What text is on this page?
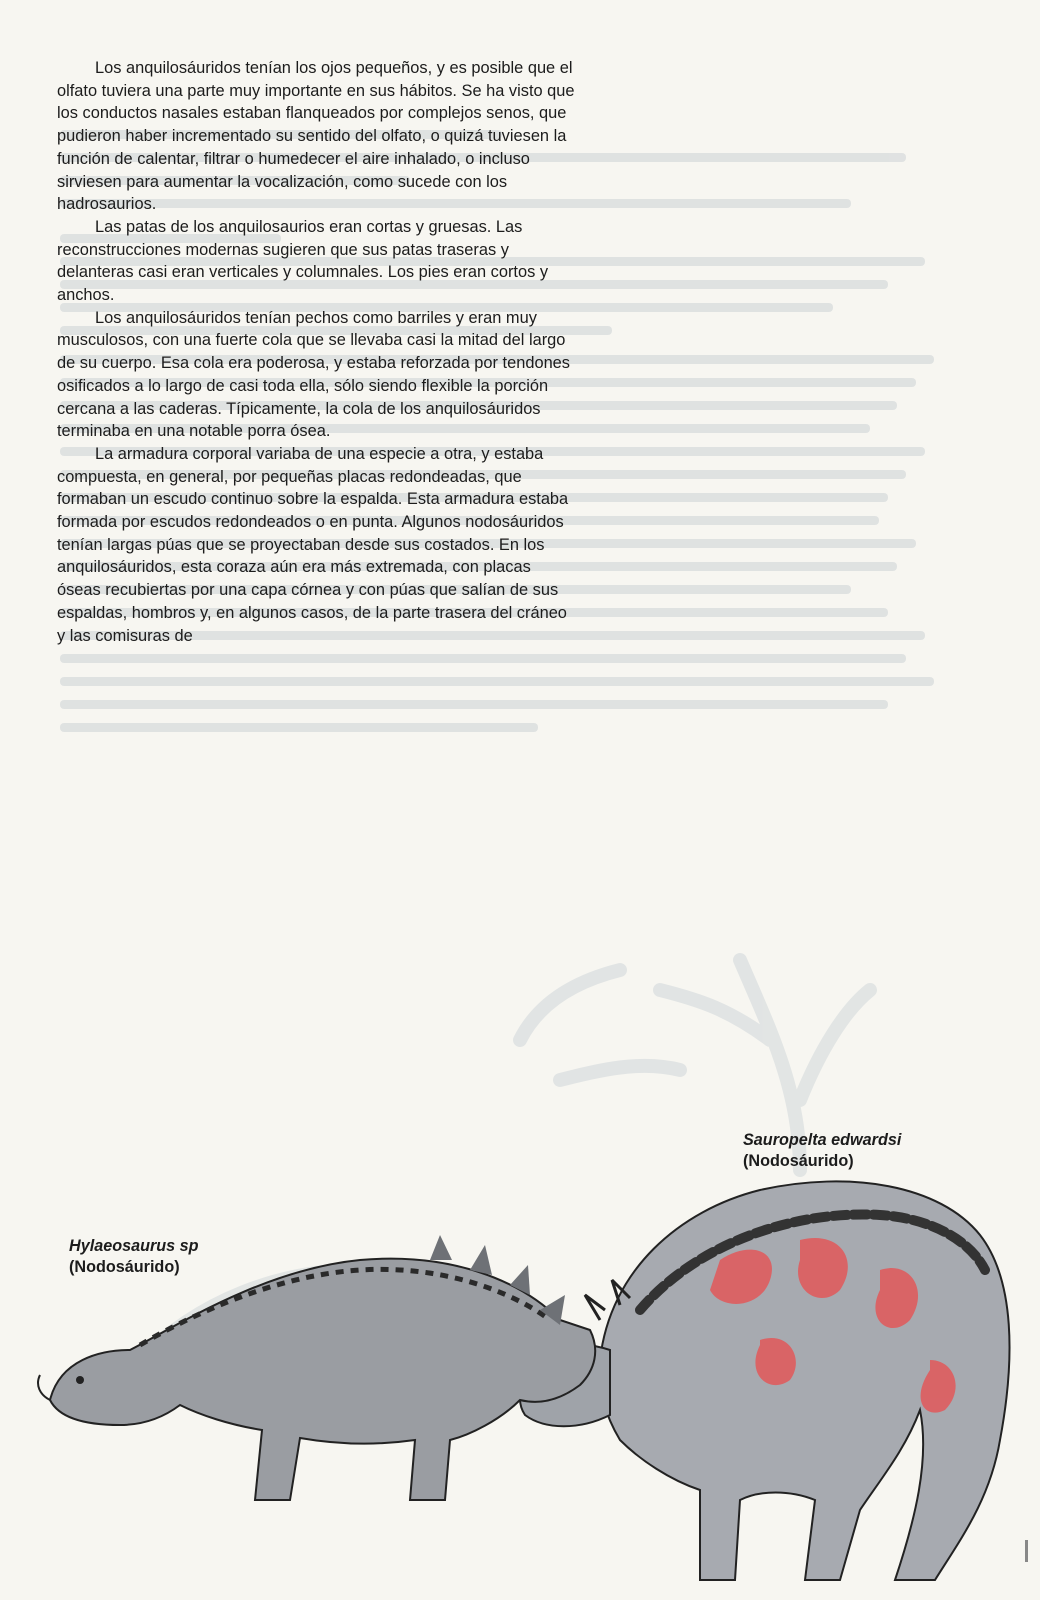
Los anquilosáuridos tenían los ojos pequeños, y es posible que el olfato tuviera una parte muy importante en sus hábitos. Se ha visto que los conductos nasales estaban flanqueados por complejos senos, que pudieron haber incrementado su sentido del olfato, o quizá tuviesen la función de calentar, filtrar o humedecer el aire inhalado, o incluso sirviesen para aumentar la vocalización, como sucede con los hadrosaurios.

Las patas de los anquilosaurios eran cortas y gruesas. Las reconstrucciones modernas sugieren que sus patas traseras y delanteras casi eran verticales y columnales. Los pies eran cortos y anchos.

Los anquilosáuridos tenían pechos como barriles y eran muy musculosos, con una fuerte cola que se llevaba casi la mitad del largo de su cuerpo. Esa cola era poderosa, y estaba reforzada por tendones osificados a lo largo de casi toda ella, sólo siendo flexible la porción cercana a las caderas. Típicamente, la cola de los anquilosáuridos terminaba en una notable porra ósea.

La armadura corporal variaba de una especie a otra, y estaba compuesta, en general, por pequeñas placas redondeadas, que formaban un escudo continuo sobre la espalda. Esta armadura estaba formada por escudos redondeados o en punta. Algunos nodosáuridos tenían largas púas que se proyectaban desde sus costados. En los anquilosáuridos, esta coraza aún era más extremada, con placas óseas recubiertas por una capa córnea y con púas que salían de sus espaldas, hombros y, en algunos casos, de la parte trasera del cráneo y las comisuras de

Sauropelta edwardsi
(Nodosáurido)
Hylaeosaurus sp
(Nodosáurido)
